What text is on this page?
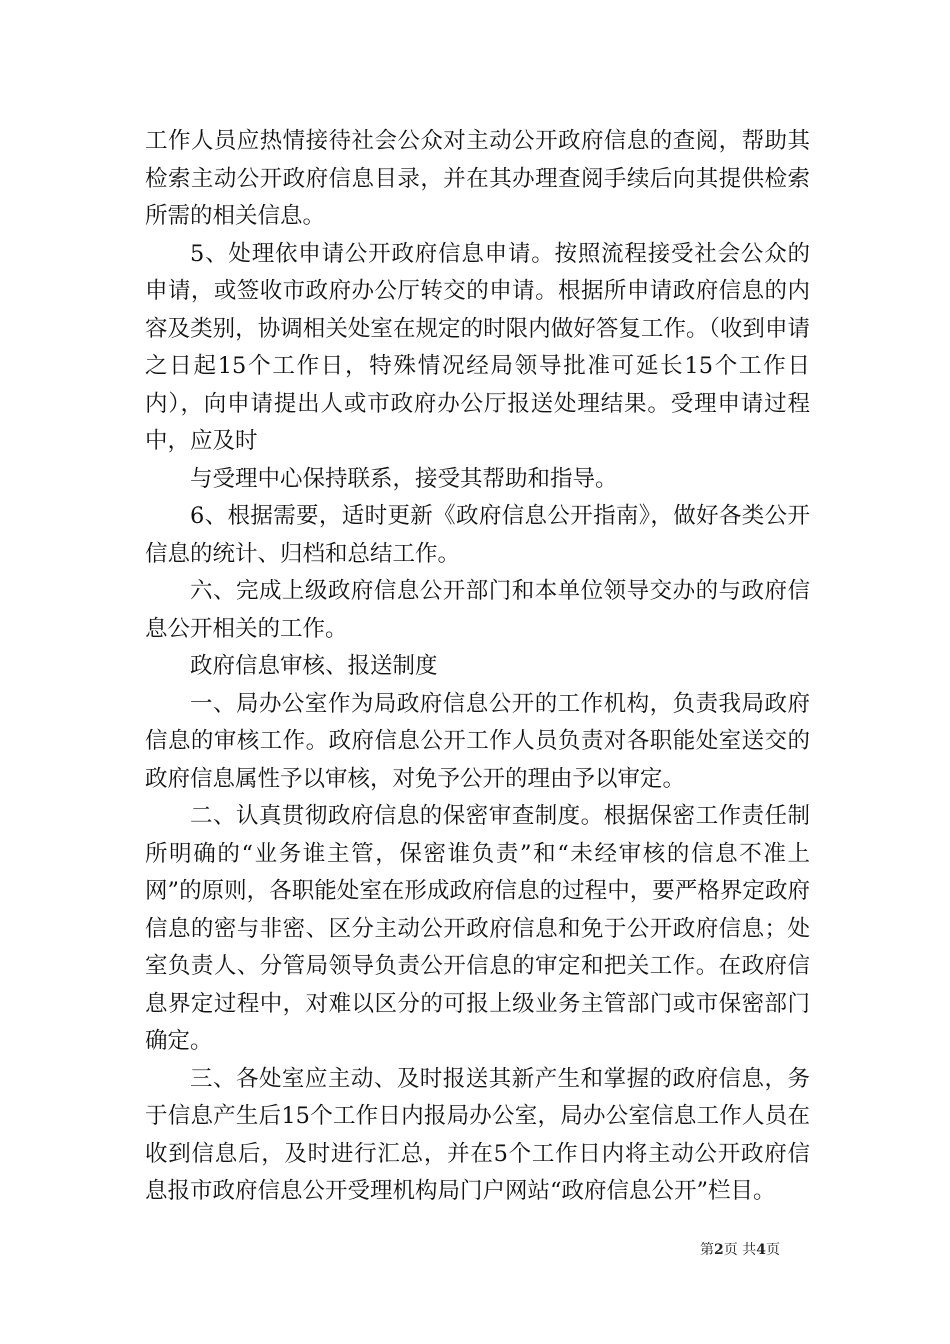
工作人员应热情接待社会公众对主动公开政府信息的查阅，帮助其检索主动公开政府信息目录，并在其办理查阅手续后向其提供检索所需的相关信息。

5、处理依申请公开政府信息申请。按照流程接受社会公众的申请，或签收市政府办公厅转交的申请。根据所申请政府信息的内容及类别，协调相关处室在规定的时限内做好答复工作。（收到申请之日起15个工作日，特殊情况经局领导批准可延长15个工作日内），向申请提出人或市政府办公厅报送处理结果。受理申请过程中，应及时

与受理中心保持联系，接受其帮助和指导。

6、根据需要，适时更新《政府信息公开指南》，做好各类公开信息的统计、归档和总结工作。

六、完成上级政府信息公开部门和本单位领导交办的与政府信息公开相关的工作。

政府信息审核、报送制度

一、局办公室作为局政府信息公开的工作机构，负责我局政府信息的审核工作。政府信息公开工作人员负责对各职能处室送交的政府信息属性予以审核，对免予公开的理由予以审定。

二、认真贯彻政府信息的保密审查制度。根据保密工作责任制所明确的“业务谁主管，保密谁负责”和“未经审核的信息不准上网”的原则，各职能处室在形成政府信息的过程中，要严格界定政府信息的密与非密、区分主动公开政府信息和免于公开政府信息；处室负责人、分管局领导负责公开信息的审定和把关工作。在政府信息界定过程中，对难以区分的可报上级业务主管部门或市保密部门确定。

三、各处室应主动、及时报送其新产生和掌握的政府信息，务于信息产生后15个工作日内报局办公室，局办公室信息工作人员在收到信息后，及时进行汇总，并在5个工作日内将主动公开政府信息报市政府信息公开受理机构局门户网站“政府信息公开”栏目。

第2页 共4页
